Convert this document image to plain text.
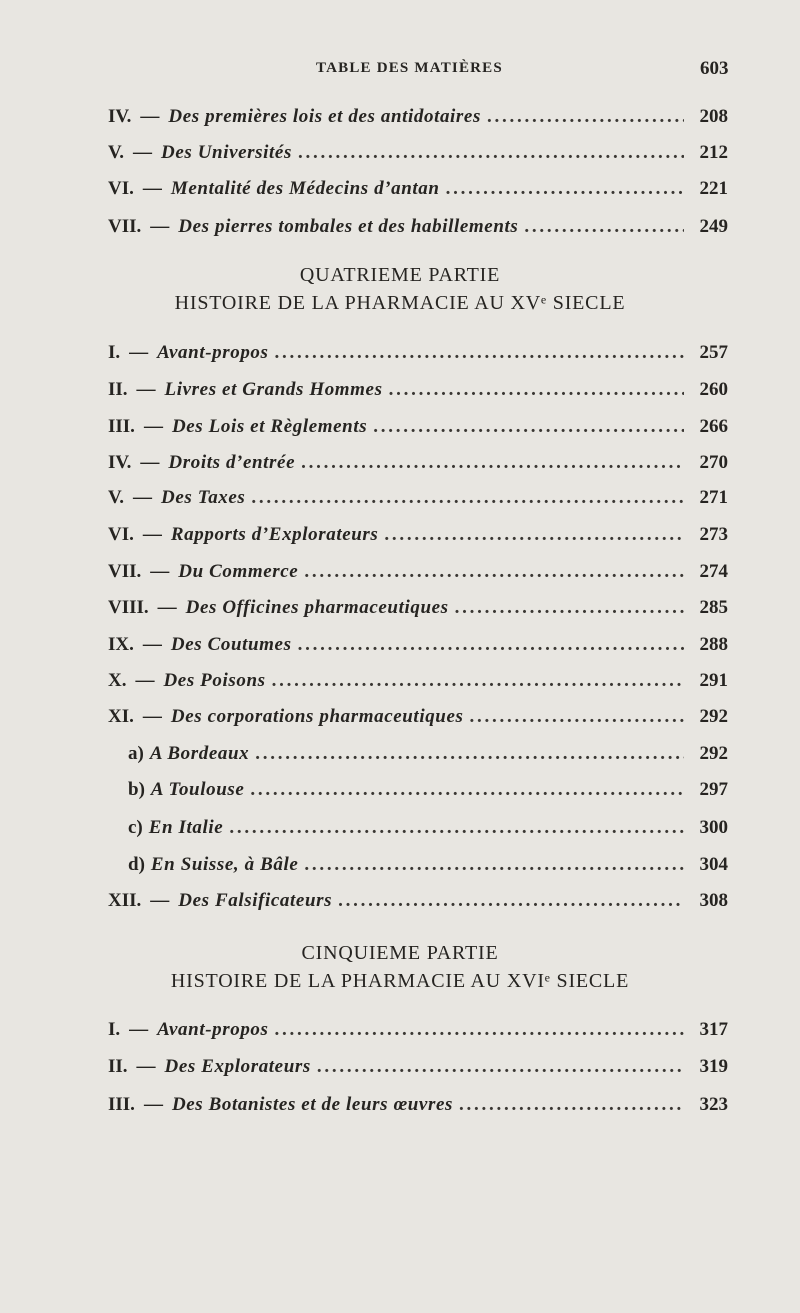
TABLE DES MATIÈRES	603
IV. — Des premières lois et des antidotaires . . .	208
V. — Des Universités . . .	212
VI. — Mentalité des Médecins d’antan . . .	221
VII. — Des pierres tombales et des habillements . . .	249
QUATRIEME PARTIE
HISTOIRE DE LA PHARMACIE AU XVᵉ SIECLE
I. — Avant-propos . . .	257
II. — Livres et Grands Hommes . . .	260
III. — Des Lois et Règlements . . .	266
IV. — Droits d’entrée . . .	270
V. — Des Taxes . . .	271
VI. — Rapports d’Explorateurs . . .	273
VII. — Du Commerce . . .	274
VIII. — Des Officines pharmaceutiques . . .	285
IX. — Des Coutumes . . .	288
X. — Des Poisons . . .	291
XI. — Des corporations pharmaceutiques . . .	292
a) A Bordeaux . . .	292
b) A Toulouse . . .	297
c) En Italie . . .	300
d) En Suisse, à Bâle . . .	304
XII. — Des Falsificateurs . . .	308
CINQUIEME PARTIE
HISTOIRE DE LA PHARMACIE AU XVIᵉ SIECLE
I. — Avant-propos . . .	317
II. — Des Explorateurs . . .	319
III. — Des Botanistes et de leurs œuvres . . .	323
